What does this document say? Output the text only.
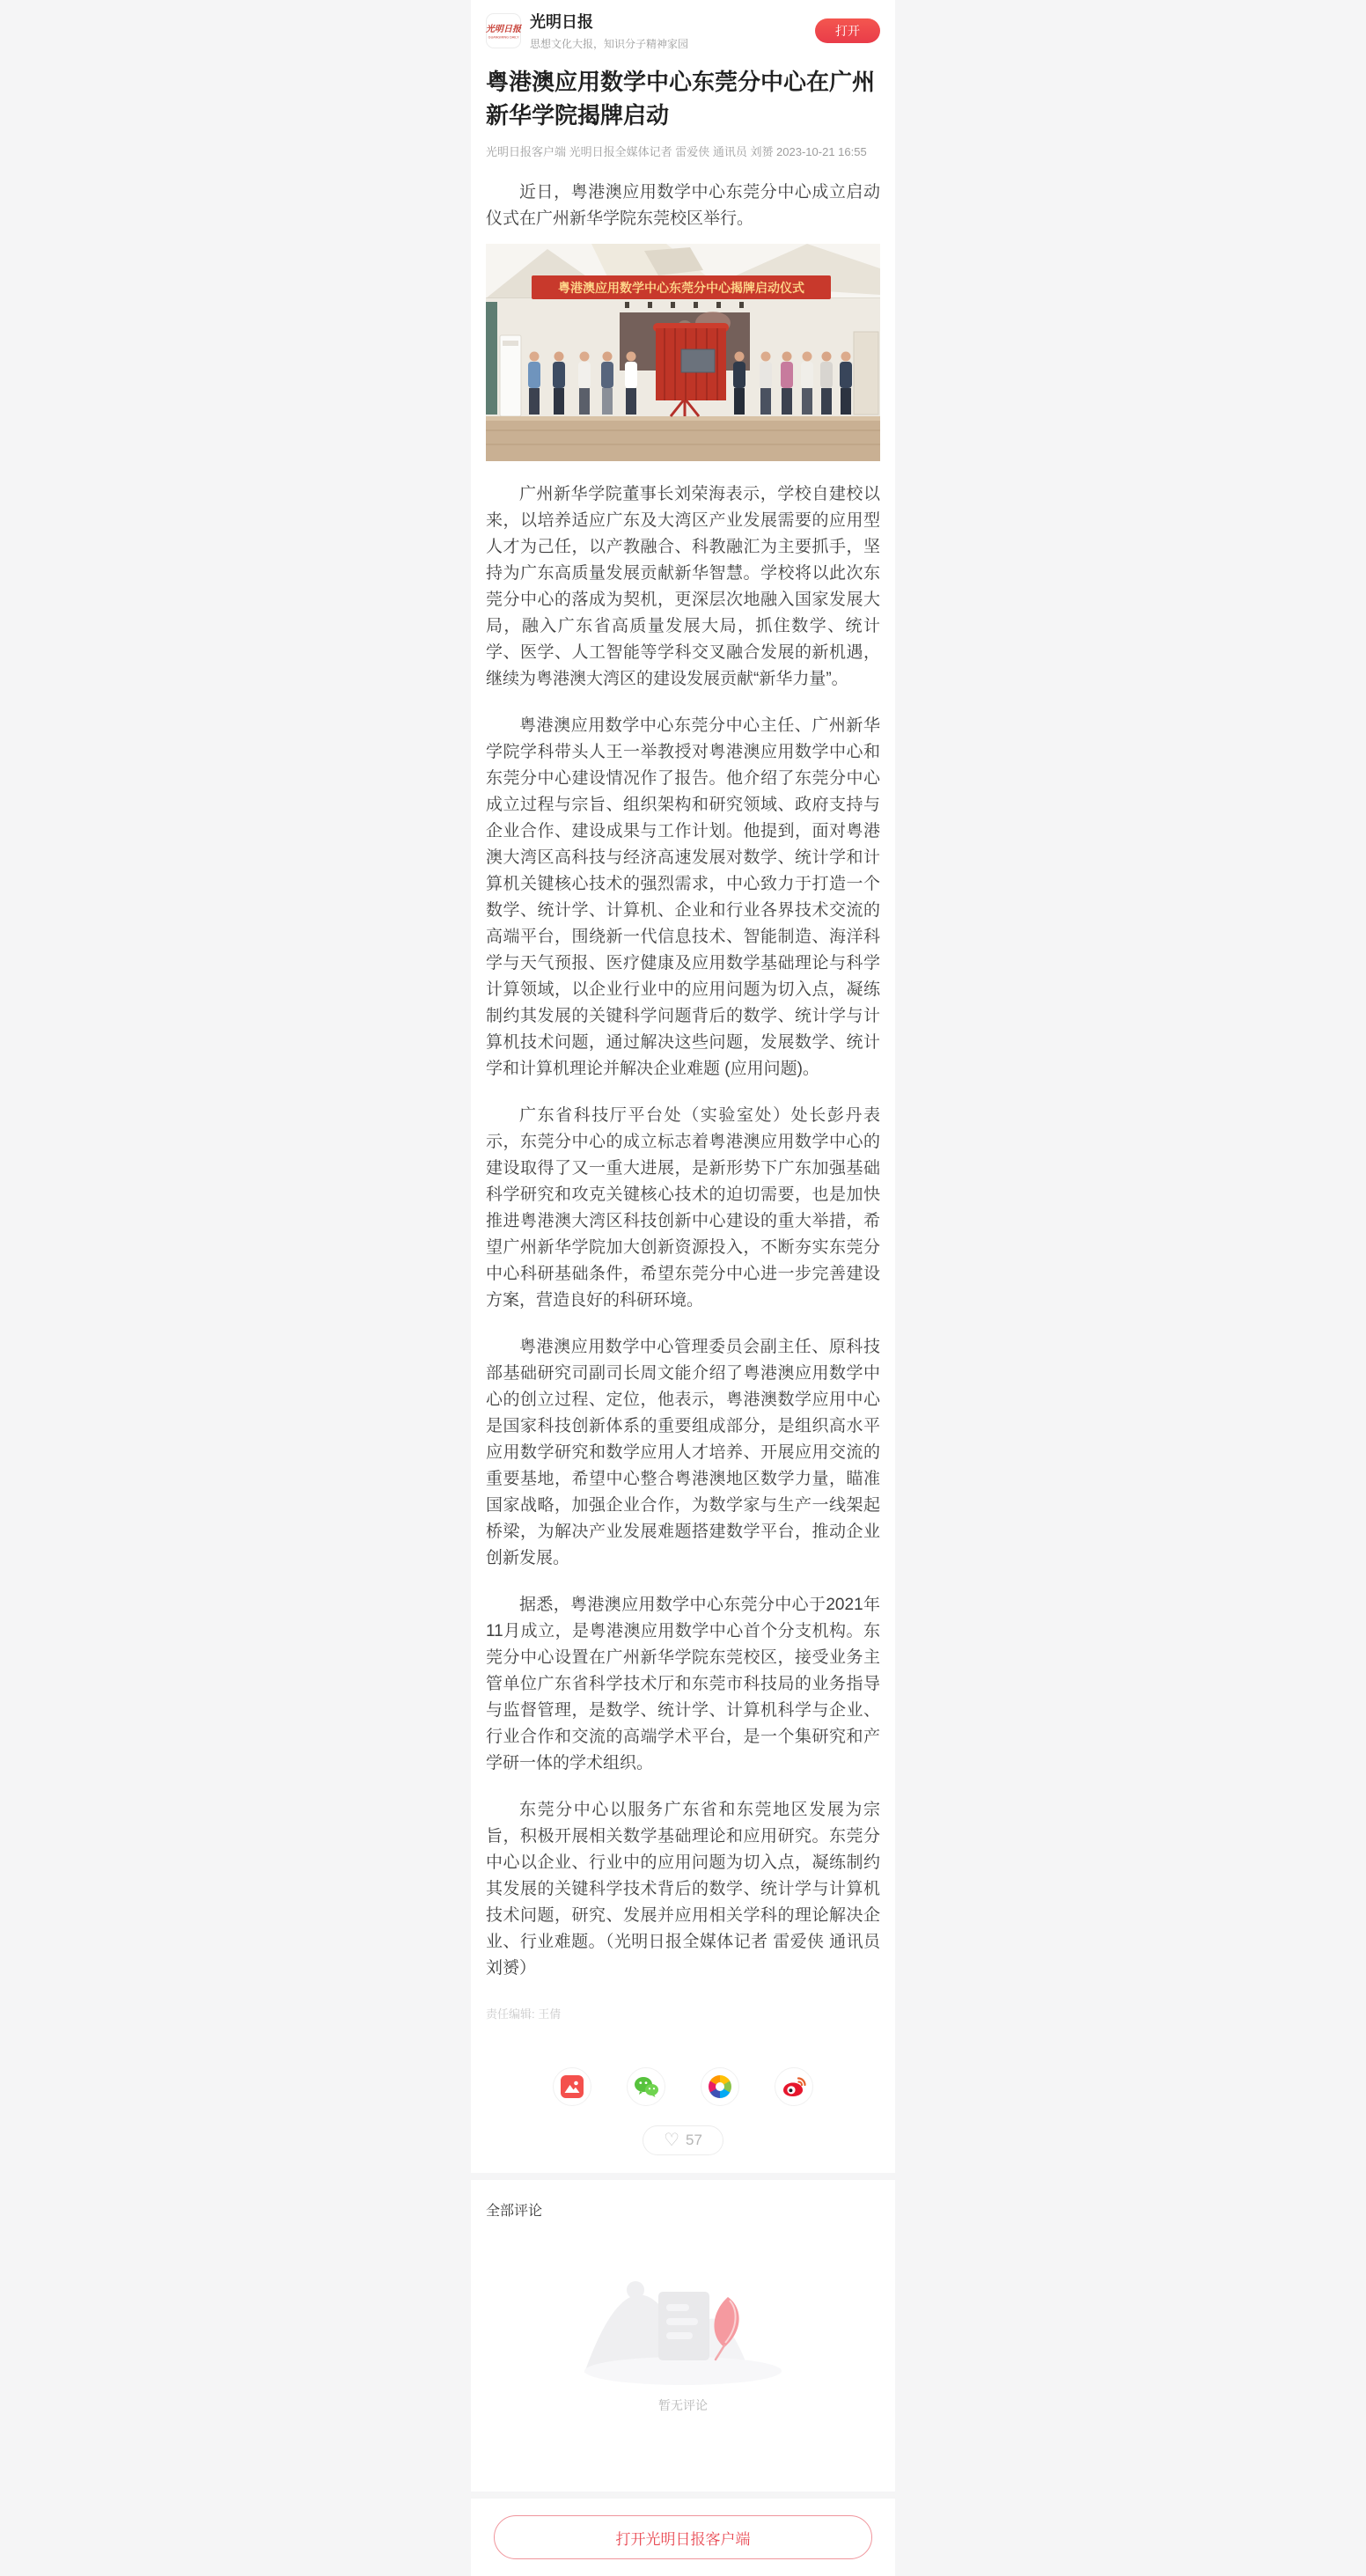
光明日报
GUANGMING DAILY
光明日报
思想文化大报，知识分子精神家园
打开
粤港澳应用数学中心东莞分中心在广州新华学院揭牌启动
光明日报客户端 光明日报全媒体记者 雷爱侠 通讯员 刘赟 2023-10-21 16:55

近日，粤港澳应用数学中心东莞分中心成立启动仪式在广州新华学院东莞校区举行。

粤港澳应用数学中心东莞分中心揭牌启动仪式

广州新华学院董事长刘荣海表示，学校自建校以来，以培养适应广东及大湾区产业发展需要的应用型人才为己任，以产教融合、科教融汇为主要抓手，坚持为广东高质量发展贡献新华智慧。学校将以此次东莞分中心的落成为契机，更深层次地融入国家发展大局，融入广东省高质量发展大局，抓住数学、统计学、医学、人工智能等学科交叉融合发展的新机遇，继续为粤港澳大湾区的建设发展贡献“新华力量”。

粤港澳应用数学中心东莞分中心主任、广州新华学院学科带头人王一举教授对粤港澳应用数学中心和东莞分中心建设情况作了报告。他介绍了东莞分中心成立过程与宗旨、组织架构和研究领域、政府支持与企业合作、建设成果与工作计划。他提到，面对粤港澳大湾区高科技与经济高速发展对数学、统计学和计算机关键核心技术的强烈需求，中心致力于打造一个数学、统计学、计算机、企业和行业各界技术交流的高端平台，围绕新一代信息技术、智能制造、海洋科学与天气预报、医疗健康及应用数学基础理论与科学计算领域，以企业行业中的应用问题为切入点，凝练制约其发展的关键科学问题背后的数学、统计学与计算机技术问题，通过解决这些问题，发展数学、统计学和计算机理论并解决企业难题 (应用问题)。

广东省科技厅平台处（实验室处）处长彭丹表示，东莞分中心的成立标志着粤港澳应用数学中心的建设取得了又一重大进展，是新形势下广东加强基础科学研究和攻克关键核心技术的迫切需要，也是加快推进粤港澳大湾区科技创新中心建设的重大举措，希望广州新华学院加大创新资源投入，不断夯实东莞分中心科研基础条件，希望东莞分中心进一步完善建设方案，营造良好的科研环境。

粤港澳应用数学中心管理委员会副主任、原科技部基础研究司副司长周文能介绍了粤港澳应用数学中心的创立过程、定位，他表示，粤港澳数学应用中心是国家科技创新体系的重要组成部分，是组织高水平应用数学研究和数学应用人才培养、开展应用交流的重要基地，希望中心整合粤港澳地区数学力量，瞄准国家战略，加强企业合作，为数学家与生产一线架起桥梁，为解决产业发展难题搭建数学平台，推动企业创新发展。

据悉，粤港澳应用数学中心东莞分中心于2021年11月成立，是粤港澳应用数学中心首个分支机构。东莞分中心设置在广州新华学院东莞校区，接受业务主管单位广东省科学技术厅和东莞市科技局的业务指导与监督管理，是数学、统计学、计算机科学与企业、行业合作和交流的高端学术平台，是一个集研究和产学研一体的学术组织。

东莞分中心以服务广东省和东莞地区发展为宗旨，积极开展相关数学基础理论和应用研究。东莞分中心以企业、行业中的应用问题为切入点，凝练制约其发展的关键科学技术背后的数学、统计学与计算机技术问题，研究、发展并应用相关学科的理论解决企业、行业难题。（光明日报全媒体记者 雷爱侠 通讯员 刘赟）

责任编辑: 王倩
♡ 57
全部评论
暂无评论
打开光明日报客户端
